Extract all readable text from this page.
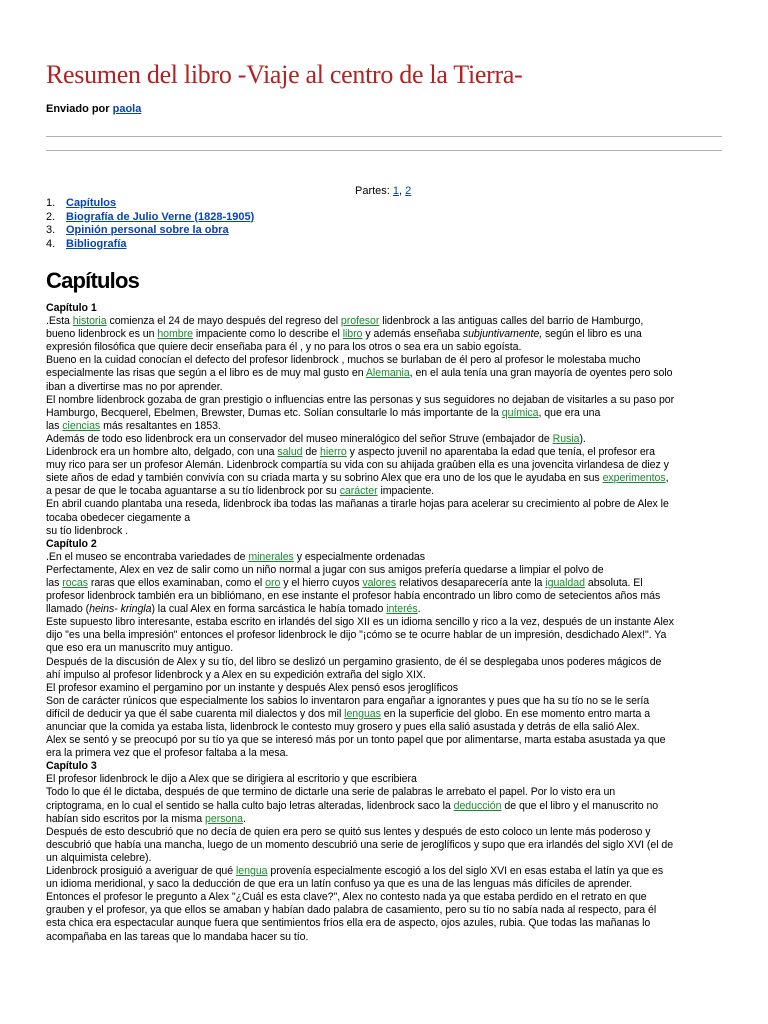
Resumen del libro -Viaje al centro de la Tierra-
Enviado por paola
Partes: 1, 2
1. Capítulos
2. Biografía de Julio Verne (1828-1905)
3. Opinión personal sobre la obra
4. Bibliografía
Capítulos
Capítulo 1
.Esta historia comienza el 24 de mayo después del regreso del profesor lidenbrock a las antiguas calles del barrio de Hamburgo,
bueno lidenbrock es un hombre impaciente como lo describe el libro y además enseñaba subjuntivamente, según el libro es una
expresión filosófica que quiere decir enseñaba para él , y no para los otros o sea era un sabio egoísta.
Bueno en la cuidad conocían el defecto del profesor lidenbrock , muchos se burlaban de él pero al profesor le molestaba mucho
especialmente las risas que según a el libro es de muy mal gusto en Alemania, en el aula tenía una gran mayoría de oyentes pero solo
iban a divertirse mas no por aprender.
El nombre lidenbrock gozaba de gran prestigio o influencias entre las personas y sus seguidores no dejaban de visitarles a su paso por
Hamburgo, Becquerel, Ebelmen, Brewster, Dumas etc. Solían consultarle lo más importante de la química, que era una
las ciencias más resaltantes en 1853.
Además de todo eso lidenbrock era un conservador del museo mineralógico del señor Struve (embajador de Rusia).
Lidenbrock era un hombre alto, delgado, con una salud de hierro y aspecto juvenil no aparentaba la edad que tenía, el profesor era
muy rico para ser un profesor Alemán. Lidenbrock compartía su vida con su ahijada graûben ella es una jovencita virlandesa de diez y
siete años de edad y también convivía con su criada marta y su sobrino Alex que era uno de los que le ayudaba en sus experimentos,
a pesar de que le tocaba aguantarse a su tío lidenbrock por su carácter impaciente.
En abril cuando plantaba una reseda, lidenbrock iba todas las mañanas a tirarle hojas para acelerar su crecimiento al pobre de Alex le
tocaba obedecer ciegamente a
su tío lidenbrock .
Capítulo 2
.En el museo se encontraba variedades de minerales y especialmente ordenadas
Perfectamente, Alex en vez de salir como un niño normal a jugar con sus amigos prefería quedarse a limpiar el polvo de
las rocas raras que ellos examinaban, como el oro y el hierro cuyos valores relativos desaparecería ante la igualdad absoluta. El
profesor lidenbrock también era un bibliómano, en ese instante el profesor había encontrado un libro como de setecientos años más
llamado (heins- kringla) la cual Alex en forma sarcástica le había tomado interés.
Este supuesto libro interesante, estaba escrito en irlandés del sigo XII es un idioma sencillo y rico a la vez, después de un instante Alex
dijo "es una bella impresión" entonces el profesor lidenbrock le dijo "¡cómo se te ocurre hablar de un impresión, desdichado Alex!". Ya
que eso era un manuscrito muy antiguo.
Después de la discusión de Alex y su tío, del libro se deslizó un pergamino grasiento, de él se desplegaba unos poderes mágicos de
ahí impulso al profesor lidenbrock y a Alex en su expedición extraña del siglo XIX.
El profesor examino el pergamino por un instante y después Alex pensó esos jeroglíficos
Son de carácter rúnicos que especialmente los sabios lo inventaron para engañar a ignorantes y pues que ha su tío no se le sería
difícil de deducir ya que él sabe cuarenta mil dialectos y dos mil lenguas en la superficie del globo. En ese momento entro marta a
anunciar que la comida ya estaba lista, lidenbrock le contesto muy grosero y pues ella salió asustada y detrás de ella salió Alex.
Alex se sentó y se preocupó por su tío ya que se interesó más por un tonto papel que por alimentarse, marta estaba asustada ya que
era la primera vez que el profesor faltaba a la mesa.
Capítulo 3
El profesor lidenbrock le dijo a Alex que se dirigiera al escritorio y que escribiera
Todo lo que él le dictaba, después de que termino de dictarle una serie de palabras le arrebato el papel. Por lo visto era un
criptograma, en lo cual el sentido se halla culto bajo letras alteradas, lidenbrock saco la deducción de que el libro y el manuscrito no
habían sido escritos por la misma persona.
Después de esto descubrió que no decía de quien era pero se quitó sus lentes y después de esto coloco un lente más poderoso y
descubrió que había una mancha, luego de un momento descubrió una serie de jeroglíficos y supo que era irlandés del siglo XVI (el de
un alquimista celebre).
Lidenbrock prosiguió a averiguar de qué lengua provenía especialmente escogió a los del siglo XVI en esas estaba el latín ya que es
un idioma meridional, y saco la deducción de que era un latín confuso ya que es una de las lenguas más difíciles de aprender.
Entonces el profesor le pregunto a Alex "¿Cuál es esta clave?", Alex no contesto nada ya que estaba perdido en el retrato en que
grauben y el profesor, ya que ellos se amaban y habían dado palabra de casamiento, pero su tío no sabía nada al respecto, para él
esta chica era espectacular aunque fuera que sentimientos fríos ella era de aspecto, ojos azules, rubia. Que todas las mañanas lo
acompañaba en las tareas que lo mandaba hacer su tío.
